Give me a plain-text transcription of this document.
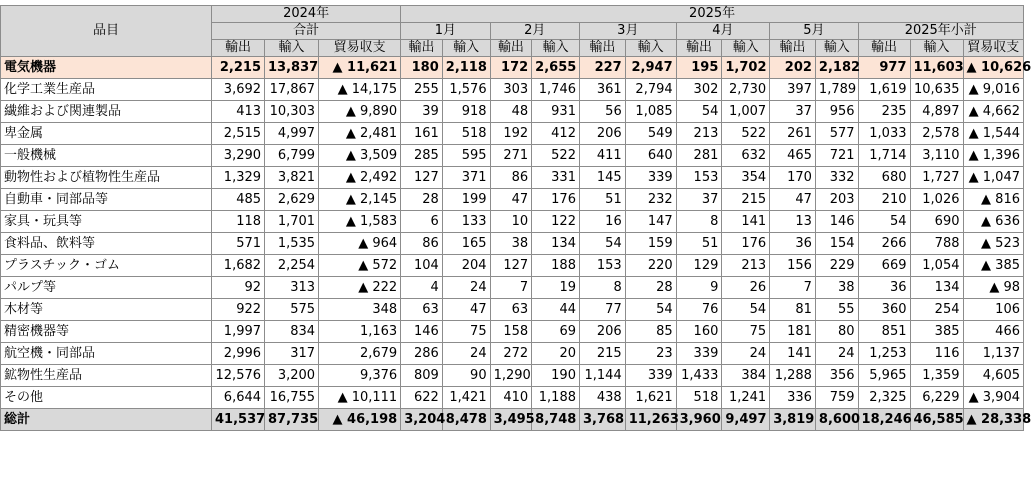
品目	2024年			2025年												
	合計			1月		2月		3月		4月		5月		2025年小計		
	輸出	輸入	貿易収支	輸出	輸入	輸出	輸入	輸出	輸入	輸出	輸入	輸出	輸入	輸出	輸入	貿易収支
電気機器	2,215	13,837	▲ 11,621	180	2,118	172	2,655	227	2,947	195	1,702	202	2,182	977	11,603	▲ 10,626
化学工業生産品	3,692	17,867	▲ 14,175	255	1,576	303	1,746	361	2,794	302	2,730	397	1,789	1,619	10,635	▲ 9,016
繊維および関連製品	413	10,303	▲ 9,890	39	918	48	931	56	1,085	54	1,007	37	956	235	4,897	▲ 4,662
卑金属	2,515	4,997	▲ 2,481	161	518	192	412	206	549	213	522	261	577	1,033	2,578	▲ 1,544
一般機械	3,290	6,799	▲ 3,509	285	595	271	522	411	640	281	632	465	721	1,714	3,110	▲ 1,396
動物性および植物性生産品	1,329	3,821	▲ 2,492	127	371	86	331	145	339	153	354	170	332	680	1,727	▲ 1,047
自動車・同部品等	485	2,629	▲ 2,145	28	199	47	176	51	232	37	215	47	203	210	1,026	▲ 816
家具・玩具等	118	1,701	▲ 1,583	6	133	10	122	16	147	8	141	13	146	54	690	▲ 636
食料品、飲料等	571	1,535	▲ 964	86	165	38	134	54	159	51	176	36	154	266	788	▲ 523
プラスチック・ゴム	1,682	2,254	▲ 572	104	204	127	188	153	220	129	213	156	229	669	1,054	▲ 385
パルプ等	92	313	▲ 222	4	24	7	19	8	28	9	26	7	38	36	134	▲ 98
木材等	922	575	348	63	47	63	44	77	54	76	54	81	55	360	254	106
精密機器等	1,997	834	1,163	146	75	158	69	206	85	160	75	181	80	851	385	466
航空機・同部品	2,996	317	2,679	286	24	272	20	215	23	339	24	141	24	1,253	116	1,137
鉱物性生産品	12,576	3,200	9,376	809	90	1,290	190	1,144	339	1,433	384	1,288	356	5,965	1,359	4,605
その他	6,644	16,755	▲ 10,111	622	1,421	410	1,188	438	1,621	518	1,241	336	759	2,325	6,229	▲ 3,904
総計	41,537	87,735	▲ 46,198	3,204	8,478	3,495	8,748	3,768	11,263	3,960	9,497	3,819	8,600	18,246	46,585	▲ 28,338
